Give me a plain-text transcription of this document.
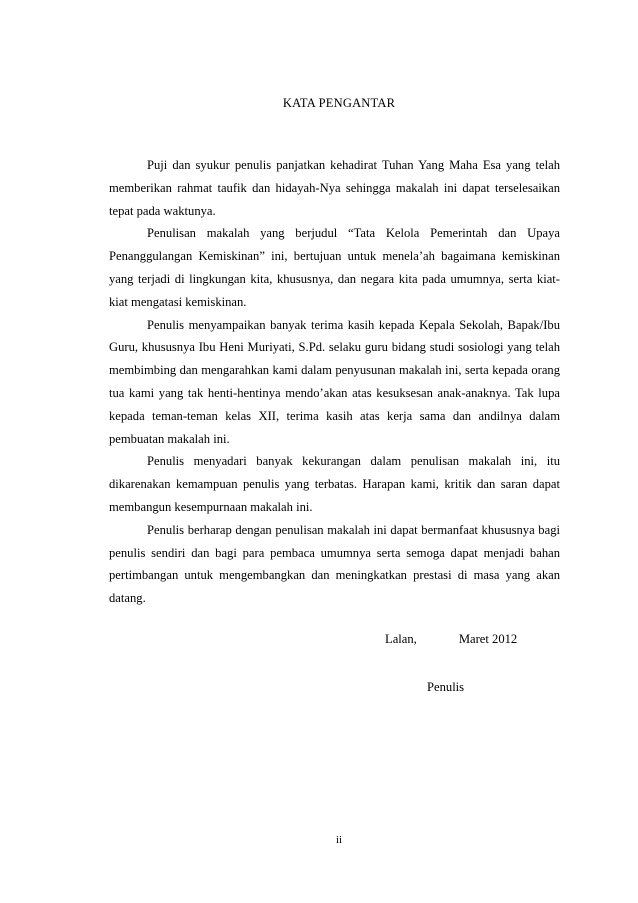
KATA PENGANTAR

Puji dan syukur penulis panjatkan kehadirat Tuhan Yang Maha Esa yang telah memberikan rahmat taufik dan hidayah-Nya sehingga makalah ini dapat terselesaikan tepat pada waktunya.

Penulisan makalah yang berjudul “Tata Kelola Pemerintah dan Upaya Penanggulangan Kemiskinan” ini, bertujuan untuk menela’ah bagaimana kemiskinan yang terjadi di lingkungan kita, khususnya, dan negara kita pada umumnya, serta kiat-kiat mengatasi kemiskinan.

Penulis menyampaikan banyak terima kasih kepada Kepala Sekolah, Bapak/Ibu Guru, khususnya Ibu Heni Muriyati, S.Pd. selaku guru bidang studi sosiologi yang telah membimbing dan mengarahkan kami dalam penyusunan makalah ini, serta kepada orang tua kami yang tak henti-hentinya mendo’akan atas kesuksesan anak-anaknya. Tak lupa kepada teman-teman kelas XII, terima kasih atas kerja sama dan andilnya dalam pembuatan makalah ini.

Penulis menyadari banyak kekurangan dalam penulisan makalah ini, itu dikarenakan kemampuan penulis yang terbatas. Harapan kami, kritik dan saran dapat membangun kesempurnaan makalah ini.

Penulis berharap dengan penulisan makalah ini dapat bermanfaat khususnya bagi penulis sendiri dan bagi para pembaca umumnya serta semoga dapat menjadi bahan pertimbangan untuk mengembangkan dan meningkatkan prestasi di masa yang akan datang.

Lalan,	Maret 2012
Penulis
ii
